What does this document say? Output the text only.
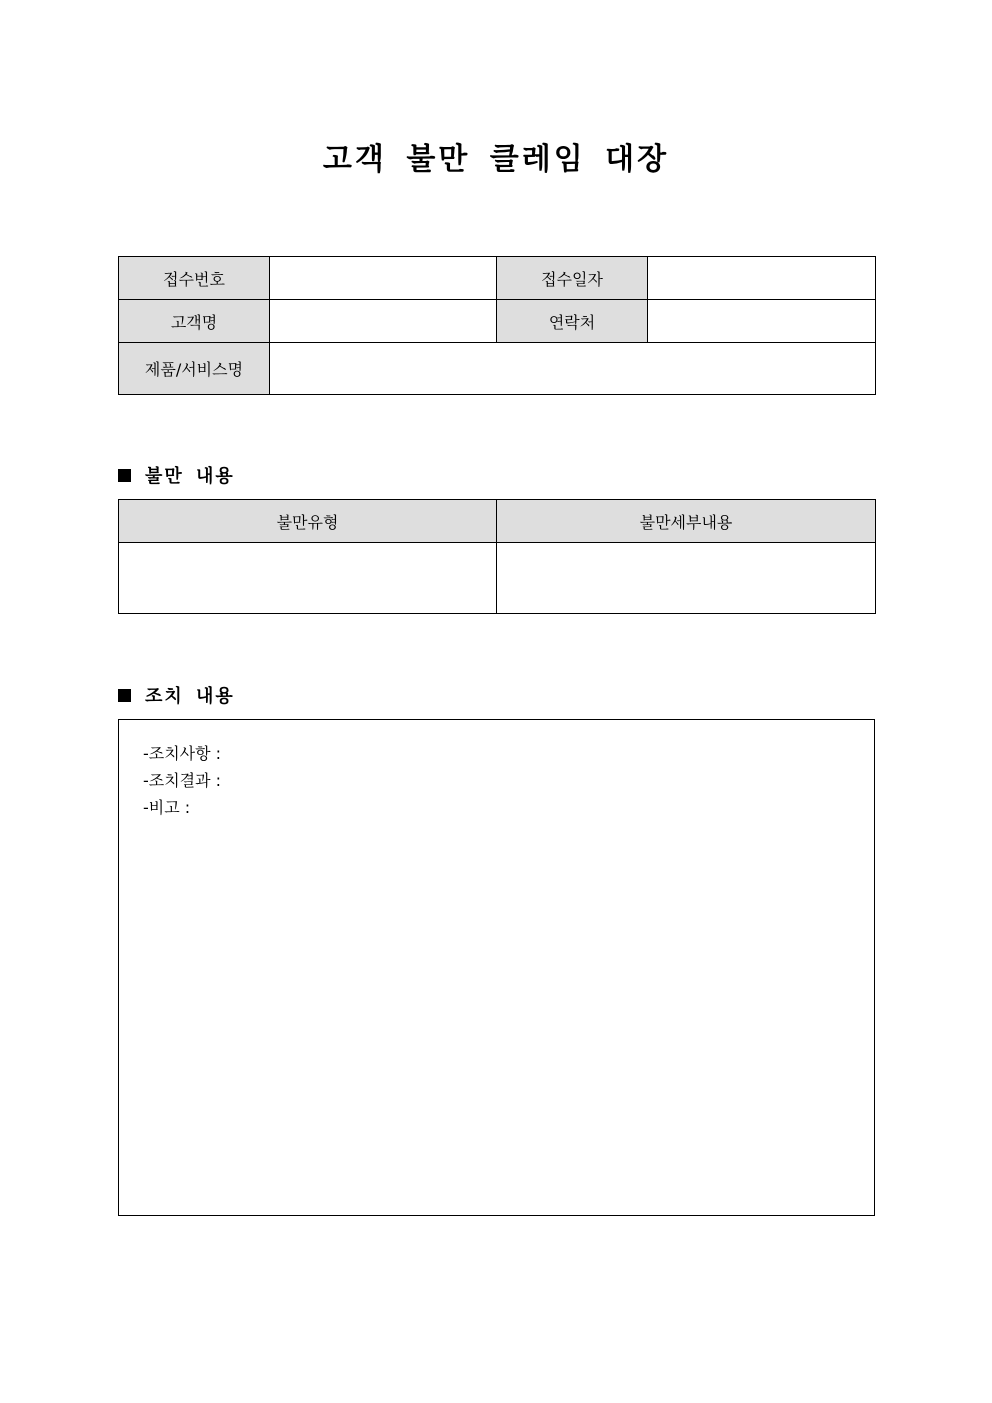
고객 불만 클레임 대장
접수번호		접수일자	
고객명		연락처	
제품/서비스명			
불만 내용
불만유형	불만세부내용

조치 내용
-조치사항 :
-조치결과 :
-비고 :
